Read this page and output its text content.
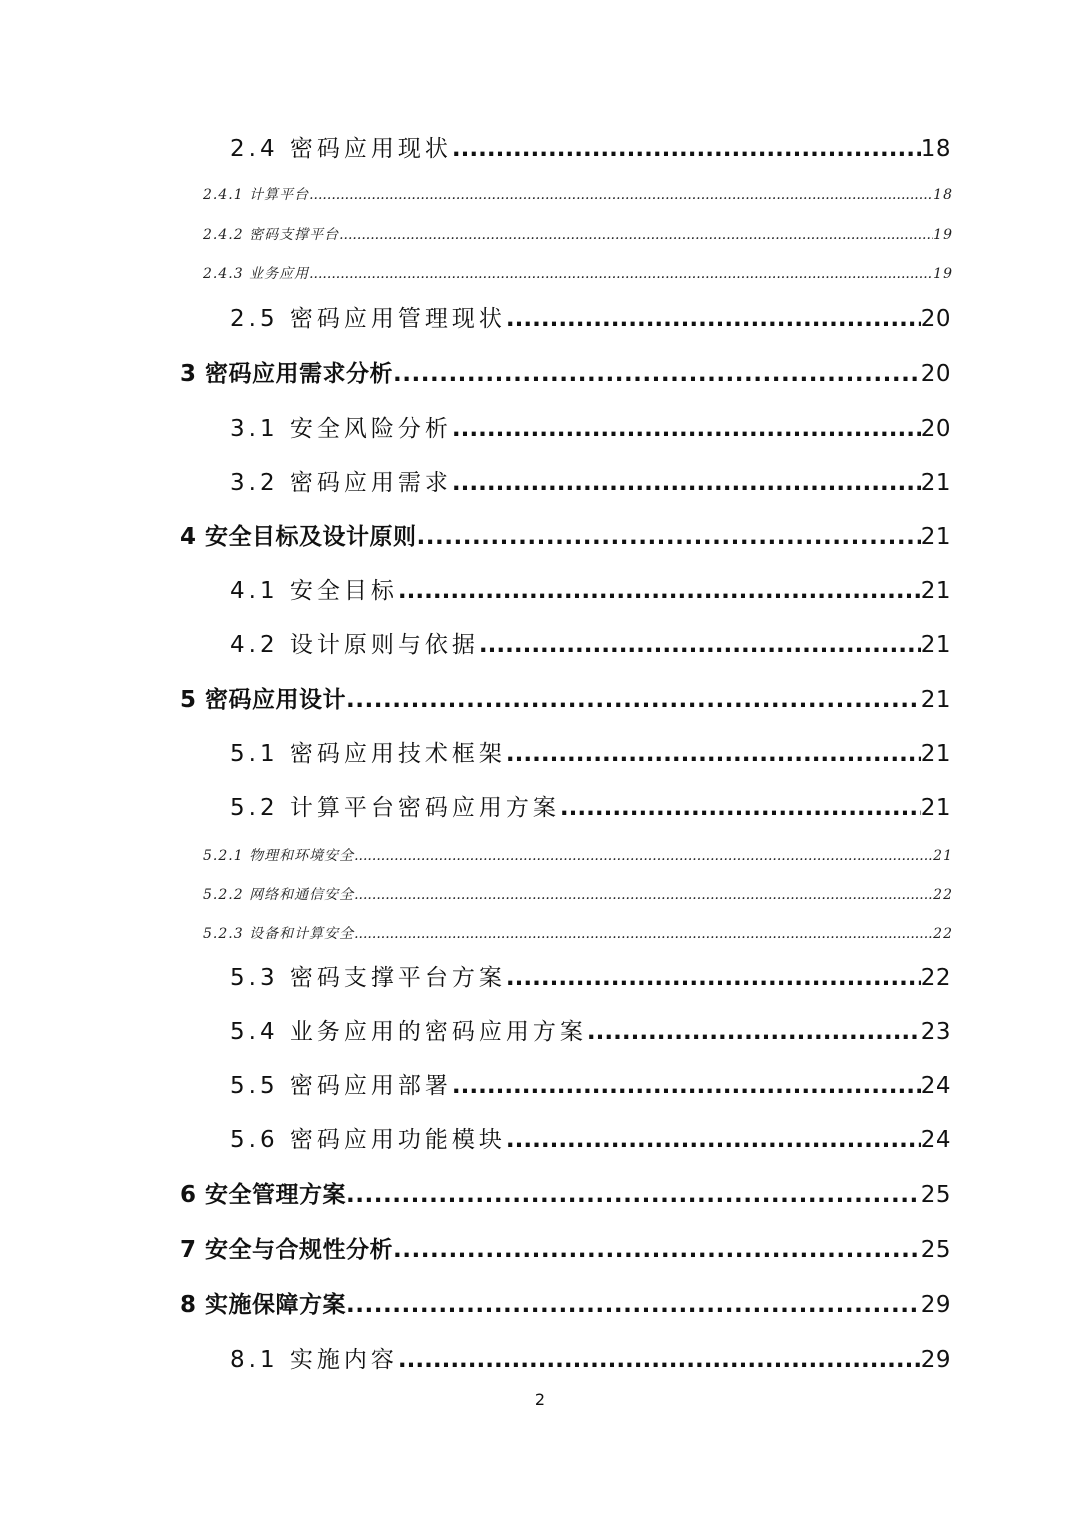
2.4 密码应用现状 .....	18
2.4.1 计算平台 .....	18
2.4.2 密码支撑平台 .....	19
2.4.3 业务应用 .....	19
2.5 密码应用管理现状 .....	20
3 密码应用需求分析 .....	20
3.1 安全风险分析 .....	20
3.2 密码应用需求 .....	21
4 安全目标及设计原则 .....	21
4.1 安全目标 .....	21
4.2 设计原则与依据 .....	21
5 密码应用设计 .....	21
5.1 密码应用技术框架 .....	21
5.2 计算平台密码应用方案 .....	21
5.2.1 物理和环境安全 .....	21
5.2.2 网络和通信安全 .....	22
5.2.3 设备和计算安全 .....	22
5.3 密码支撑平台方案 .....	22
5.4 业务应用的密码应用方案 .....	23
5.5 密码应用部署 .....	24
5.6 密码应用功能模块 .....	24
6 安全管理方案 .....	25
7 安全与合规性分析 .....	25
8 实施保障方案 .....	29
8.1 实施内容 .....	29
2
